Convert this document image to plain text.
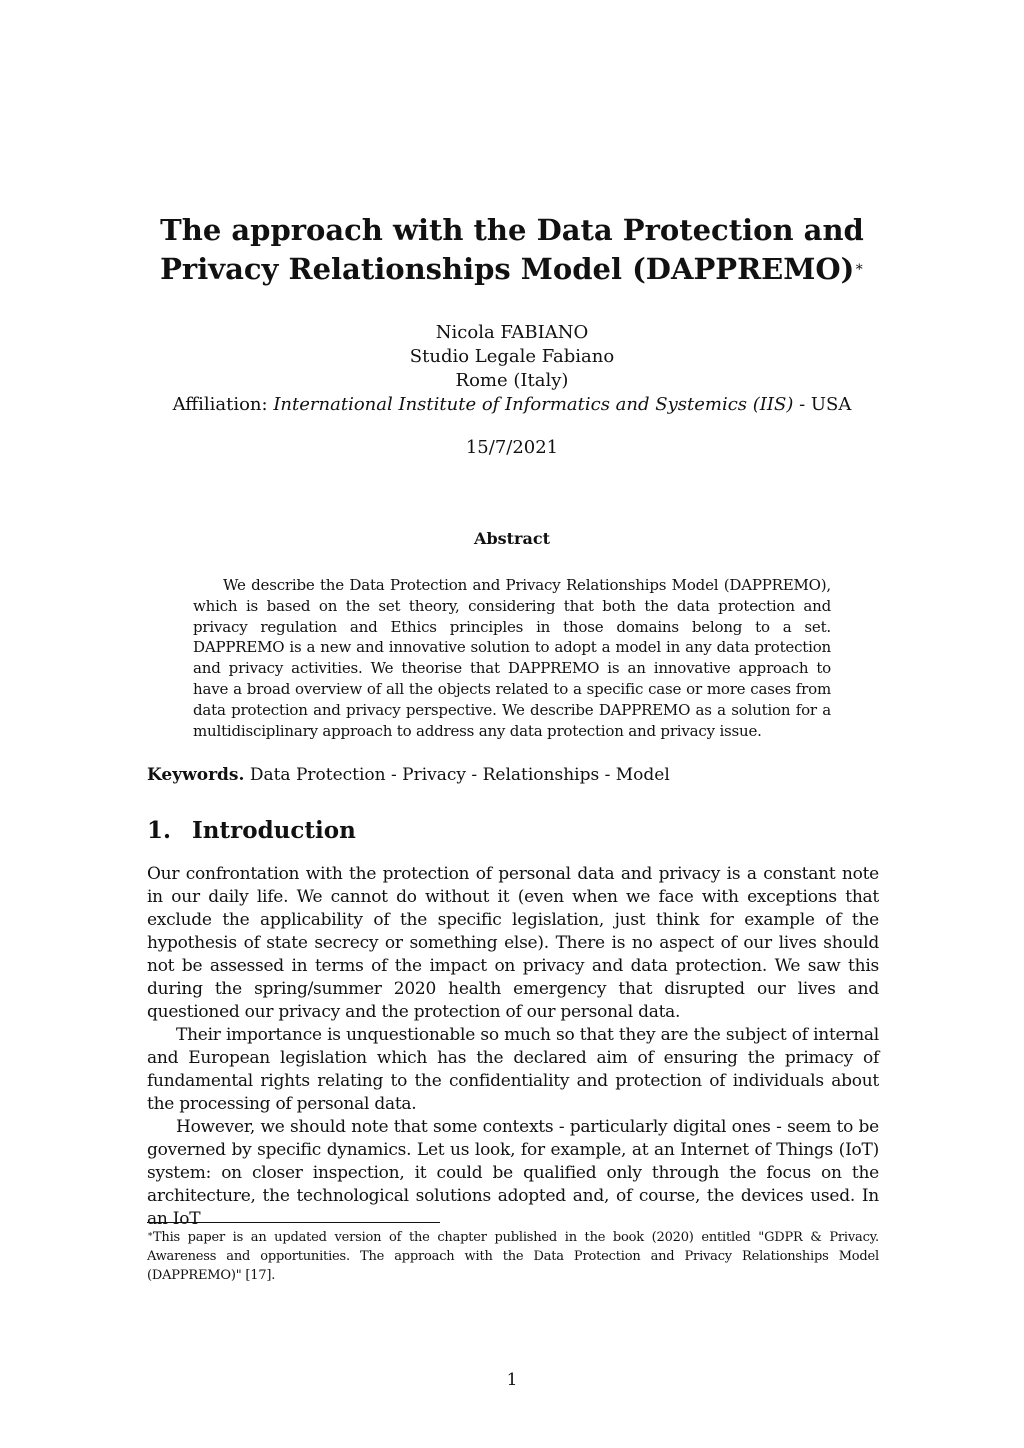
The approach with the Data Protection and
Privacy Relationships Model (DAPPREMO)∗
Nicola FABIANO
Studio Legale Fabiano
Rome (Italy)
Affiliation: International Institute of Informatics and Systemics (IIS) - USA
15/7/2021
Abstract
We describe the Data Protection and Privacy Relationships Model (DAPPREMO), which is based on the set theory, considering that both the data protection and privacy regulation and Ethics principles in those domains belong to a set. DAPPREMO is a new and innovative solution to adopt a model in any data protection and privacy activities. We theorise that DAPPREMO is an innovative approach to have a broad overview of all the objects related to a specific case or more cases from data protection and privacy perspective. We describe DAPPREMO as a solution for a multidisciplinary approach to address any data protection and privacy issue.
Keywords. Data Protection - Privacy - Relationships - Model
1. Introduction

Our confrontation with the protection of personal data and privacy is a constant note in our daily life. We cannot do without it (even when we face with exceptions that exclude the applicability of the specific legislation, just think for example of the hypothesis of state secrecy or something else). There is no aspect of our lives should not be assessed in terms of the impact on privacy and data protection. We saw this during the spring/summer 2020 health emergency that disrupted our lives and questioned our privacy and the protection of our personal data.

Their importance is unquestionable so much so that they are the subject of internal and European legislation which has the declared aim of ensuring the primacy of fundamental rights relating to the confidentiality and protection of individuals about the processing of personal data.

However, we should note that some contexts - particularly digital ones - seem to be governed by specific dynamics. Let us look, for example, at an Internet of Things (IoT) system: on closer inspection, it could be qualified only through the focus on the architecture, the technological solutions adopted and, of course, the devices used. In an IoT

∗This paper is an updated version of the chapter published in the book (2020) entitled "GDPR & Privacy. Awareness and opportunities. The approach with the Data Protection and Privacy Relationships Model (DAPPREMO)" [17].
1
